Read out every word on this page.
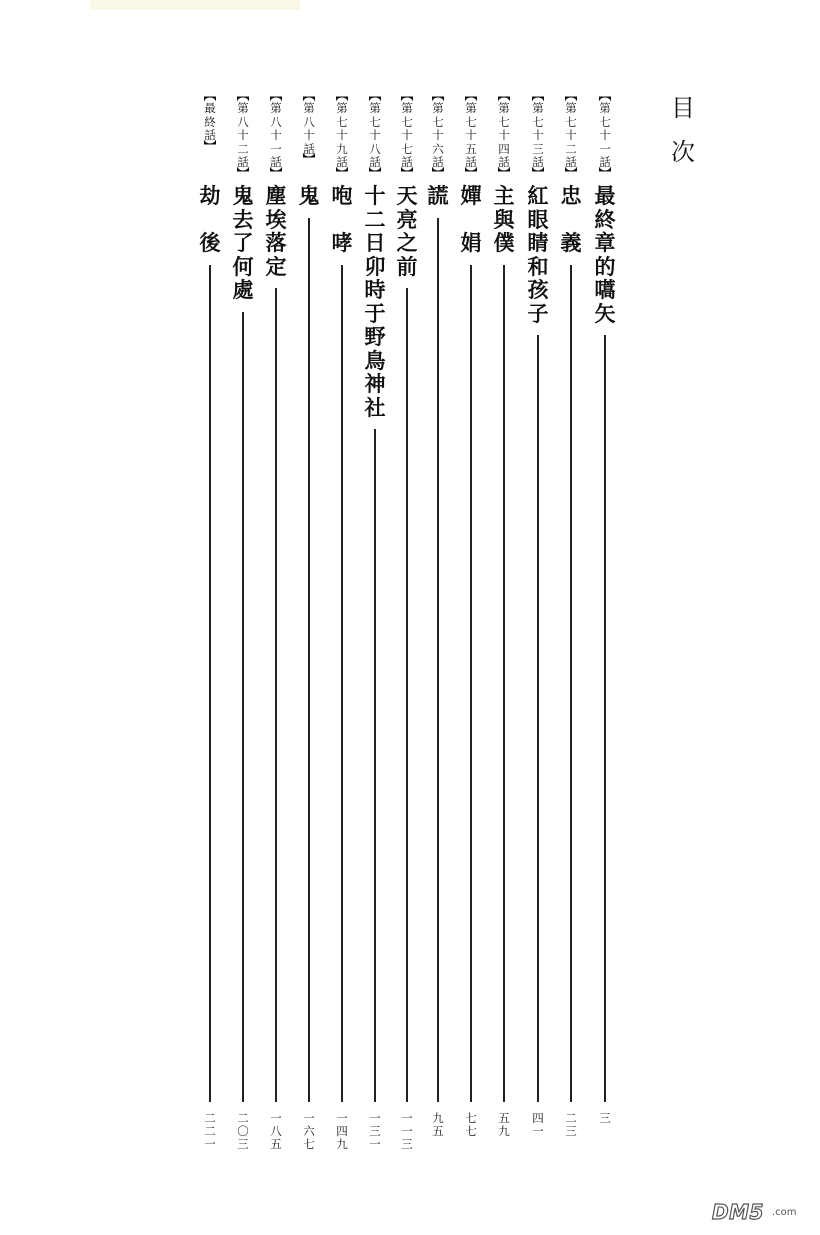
目
次
︻
第
七
十
一
話
︼
最
終
章
的
嚆
矢
三
︻
第
七
十
二
話
︼
忠

義
二
三
︻
第
七
十
三
話
︼
紅
眼
睛
和
孩
子
四
一
︻
第
七
十
四
話
︼
主
與
僕
五
九
︻
第
七
十
五
話
︼
嬋

娟
七
七
︻
第
七
十
六
話
︼
謊
九
五
︻
第
七
十
七
話
︼
天
亮
之
前
一
一
三
︻
第
七
十
八
話
︼
十
二
日
卯
時
于
野
鳥
神
社
一
三
一
︻
第
七
十
九
話
︼
咆

哮
一
四
九
︻
第
八
十
話
︼
鬼
一
六
七
︻
第
八
十
一
話
︼
塵
埃
落
定
一
八
五
︻
第
八
十
二
話
︼
鬼
去
了
何
處
二
〇
三
︻
最
終
話
︼
劫

後
二
二
一
DM5 .com
